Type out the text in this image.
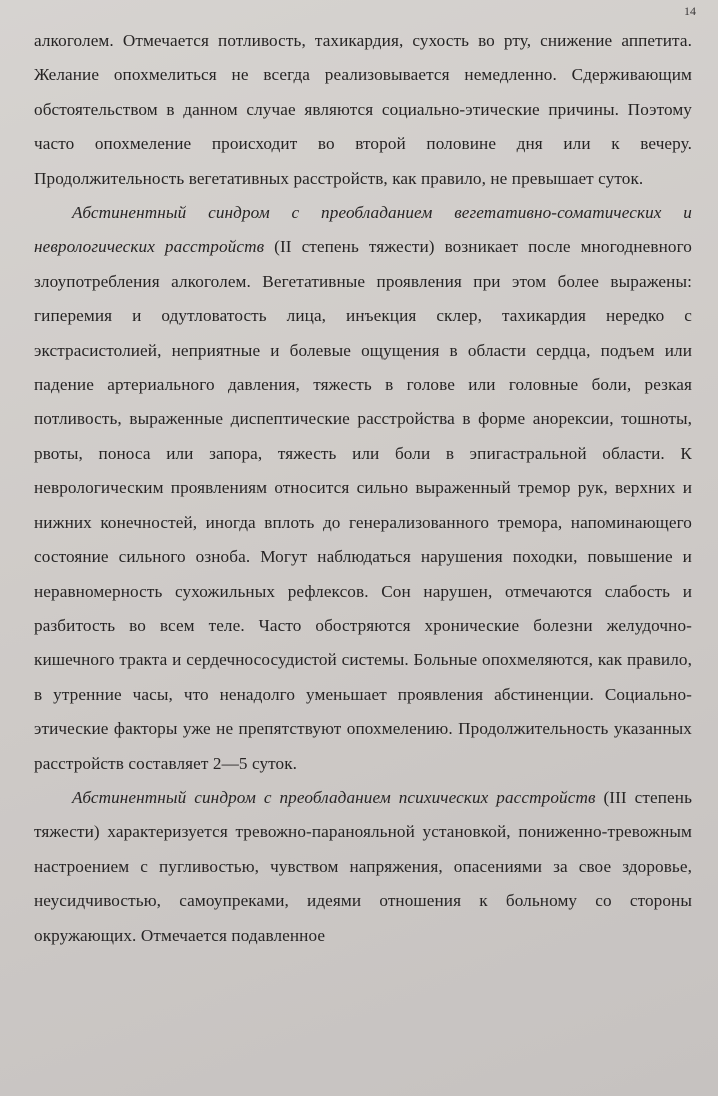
14

алкоголем. Отмечается потливость, тахикардия, сухость во рту, снижение аппетита. Желание опохмелиться не всегда реализовывается немедленно. Сдерживающим обстоятельством в данном случае являются социально-этические причины. Поэтому часто опохмеление происходит во второй половине дня или к вечеру. Продолжительность вегетативных расстройств, как правило, не превышает суток.

Абстинентный синдром с преобладанием вегетативно-соматических и неврологических расстройств (II степень тяжести) возникает после многодневного злоупотребления алкоголем. Вегетативные проявления при этом более выражены: гиперемия и одутловатость лица, инъекция склер, тахикардия нередко с экстрасистолией, неприятные и болевые ощущения в области сердца, подъем или падение артериального давления, тяжесть в голове или головные боли, резкая потливость, выраженные диспептические расстройства в форме анорексии, тошноты, рвоты, поноса или запора, тяжесть или боли в эпигастральной области. К неврологическим проявлениям относится сильно выраженный тремор рук, верхних и нижних конечностей, иногда вплоть до генерализованного тремора, напоминающего состояние сильного озноба. Могут наблюдаться нарушения походки, повышение и неравномерность сухожильных рефлексов. Сон нарушен, отмечаются слабость и разбитость во всем теле. Часто обостряются хронические болезни желудочно-кишечного тракта и сердечнососудистой системы. Больные опохмеляются, как правило, в утренние часы, что ненадолго уменьшает проявления абстиненции. Социально-этические факторы уже не препятствуют опохмелению. Продолжительность указанных расстройств составляет 2—5 суток.

Абстинентный синдром с преобладанием психических расстройств (III степень тяжести) характеризуется тревожно-паранояльной установкой, пониженно-тревожным настроением с пугливостью, чувством напряжения, опасениями за свое здоровье, неусидчивостью, самоупреками, идеями отношения к больному со стороны окружающих. Отмечается подавленное
